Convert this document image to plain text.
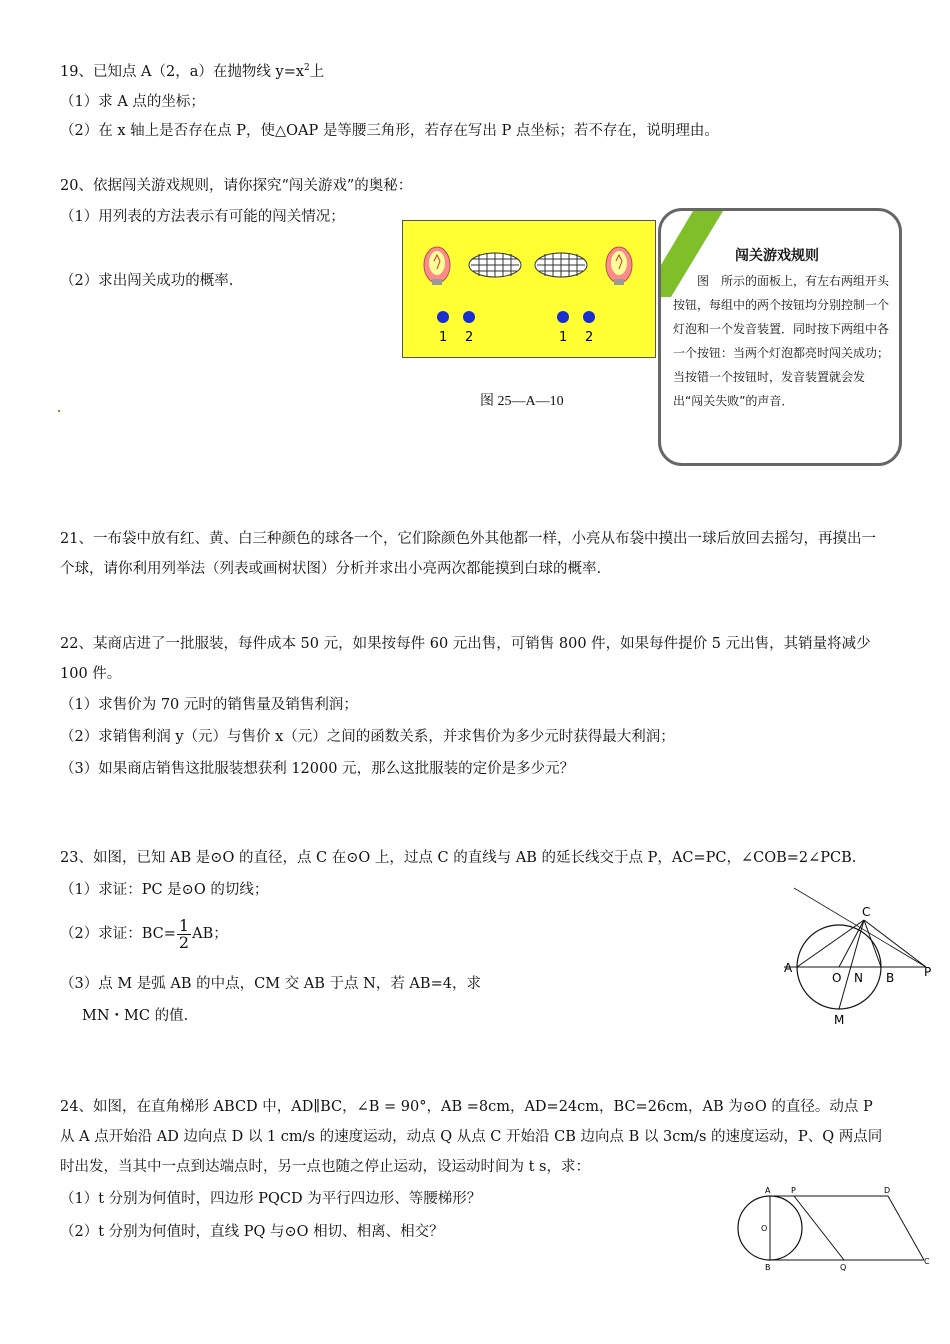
19、已知点 A（2，a）在抛物线 $y=x^2$上
（1）求 A 点的坐标；
（2）在 x 轴上是否存在点 P，使△OAP 是等腰三角形，若存在写出 P 点坐标；若不存在，说明理由。
20、依据闯关游戏规则，请你探究“闯关游戏”的奥秘：
（1）用列表的方法表示有可能的闯关情况；
（2）求出闯关成功的概率.
1 2	1 2
图 25—A—10
闯关游戏规则
图　所示的面板上，有左右两组开头按钮，每组中的两个按钮均分别控制一个灯泡和一个发音装置．同时按下两组中各一个按钮：当两个灯泡都亮时闯关成功；当按错一个按钮时，发音装置就会发出“闯关失败”的声音．
21、一布袋中放有红、黄、白三种颜色的球各一个，它们除颜色外其他都一样，小亮从布袋中摸出一球后放回去摇匀，再摸出一个球，请你利用列举法（列表或画树状图）分析并求出小亮两次都能摸到白球的概率.
22、某商店进了一批服装，每件成本 50 元，如果按每件 60 元出售，可销售 800 件，如果每件提价 5 元出售，其销量将减少 100 件。
（1）求售价为 70 元时的销售量及销售利润；
（2）求销售利润 y（元）与售价 x（元）之间的函数关系，并求售价为多少元时获得最大利润；
（3）如果商店销售这批服装想获利 12000 元，那么这批服装的定价是多少元？
23、如图，已知 AB 是⊙O 的直径，点 C 在⊙O 上，过点 C 的直线与 AB 的延长线交于点 P，AC=PC，∠COB=2∠PCB.
（1）求证：PC 是⊙O 的切线；
（2）求证：$BC= \frac{1}{2}$ AB；
（3）点 M 是弧 AB 的中点，CM 交 AB 于点 N，若 AB=4，求
MN・MC 的值.
A
O N B P
C
M
24、如图，在直角梯形 ABCD 中，AD∥BC，∠B = 90°，AB =8cm，AD=24cm，BC=26cm，AB 为⊙O 的直径。动点 P 从 A 点开始沿 AD 边向点 D 以 1 cm/s 的速度运动，动点 Q 从点 C 开始沿 CB 边向点 B 以 3cm/s 的速度运动，P、Q 两点同时出发，当其中一点到达端点时，另一点也随之停止运动，设运动时间为 t s，求：
（1）t 分别为何值时，四边形 PQCD 为平行四边形、等腰梯形？
（2）t 分别为何值时，直线 PQ 与⊙O 相切、相离、相交？
A	P	D
O
B	Q
C
